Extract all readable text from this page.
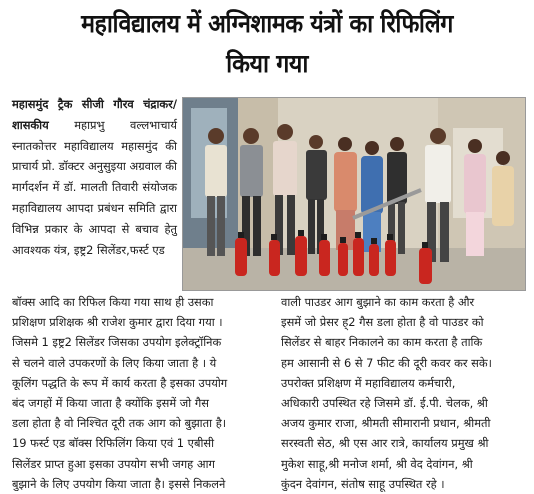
महाविद्यालय में अग्निशामक यंत्रों का रिफिलिंग
किया गया
महासमुंद ट्रैक सीजी गौरव चंद्राकर/शासकीय महाप्रभु वल्लभाचार्य स्नातकोत्तर महाविद्यालय महासमुंद की प्राचार्य प्रो. डॉक्टर अनुसुइया अग्रवाल की मार्गदर्शन में डॉ. मालती तिवारी संयोजक महाविद्यालय आपदा प्रबंधन समिति द्वारा विभिन्न प्रकार के आपदा से बचाव हेतु आवश्यक यंत्र, इष्ट्र2 सिलेंडर,फर्स्ट एड
बॉक्स आदि का रिफिल किया गया साथ ही उसका
प्रशिक्षण प्रशिक्षक श्री राजेश कुमार द्वारा दिया गया ।
जिसमे 1 इष्ट्र2 सिलेंडर जिसका उपयोग इलेक्ट्रॉनिक
से चलने वाले उपकरणों के लिए किया जाता है । ये
कूलिंग पद्धति के रूप में कार्य करता है इसका उपयोग
बंद जगहों में किया जाता है क्योंकि इसमें जो गैस
डला होता है वो निश्चित दूरी तक आग को बुझाता है।
19 फर्स्ट एड बॉक्स रिफिलिंग किया एवं 1 एबीसी
सिलेंडर प्राप्त हुआ इसका उपयोग सभी जगह आग
बुझाने के लिए उपयोग किया जाता है। इससे निकलने
वाली पाउडर आग बुझाने का काम करता है और
इसमें जो प्रेसर ह्2 गैस डला होता है वो पाउडर को
सिलेंडर से बाहर निकालने का काम करता है ताकि
हम आसानी से 6 से 7 फीट की दूरी कवर कर सके।
उपरोक्त प्रशिक्षण में महाविद्यालय कर्मचारी,
अधिकारी उपस्थित रहे जिसमे डॉ. ई.पी. चेलक, श्री
अजय कुमार राजा, श्रीमती सीमारानी प्रधान, श्रीमती
सरस्वती सेठ, श्री एस आर रात्रे, कार्यालय प्रमुख श्री
मुकेश साहू,श्री मनोज शर्मा, श्री वेद देवांगन, श्री
कुंदन देवांगन, संतोष साहू उपस्थित रहे ।
